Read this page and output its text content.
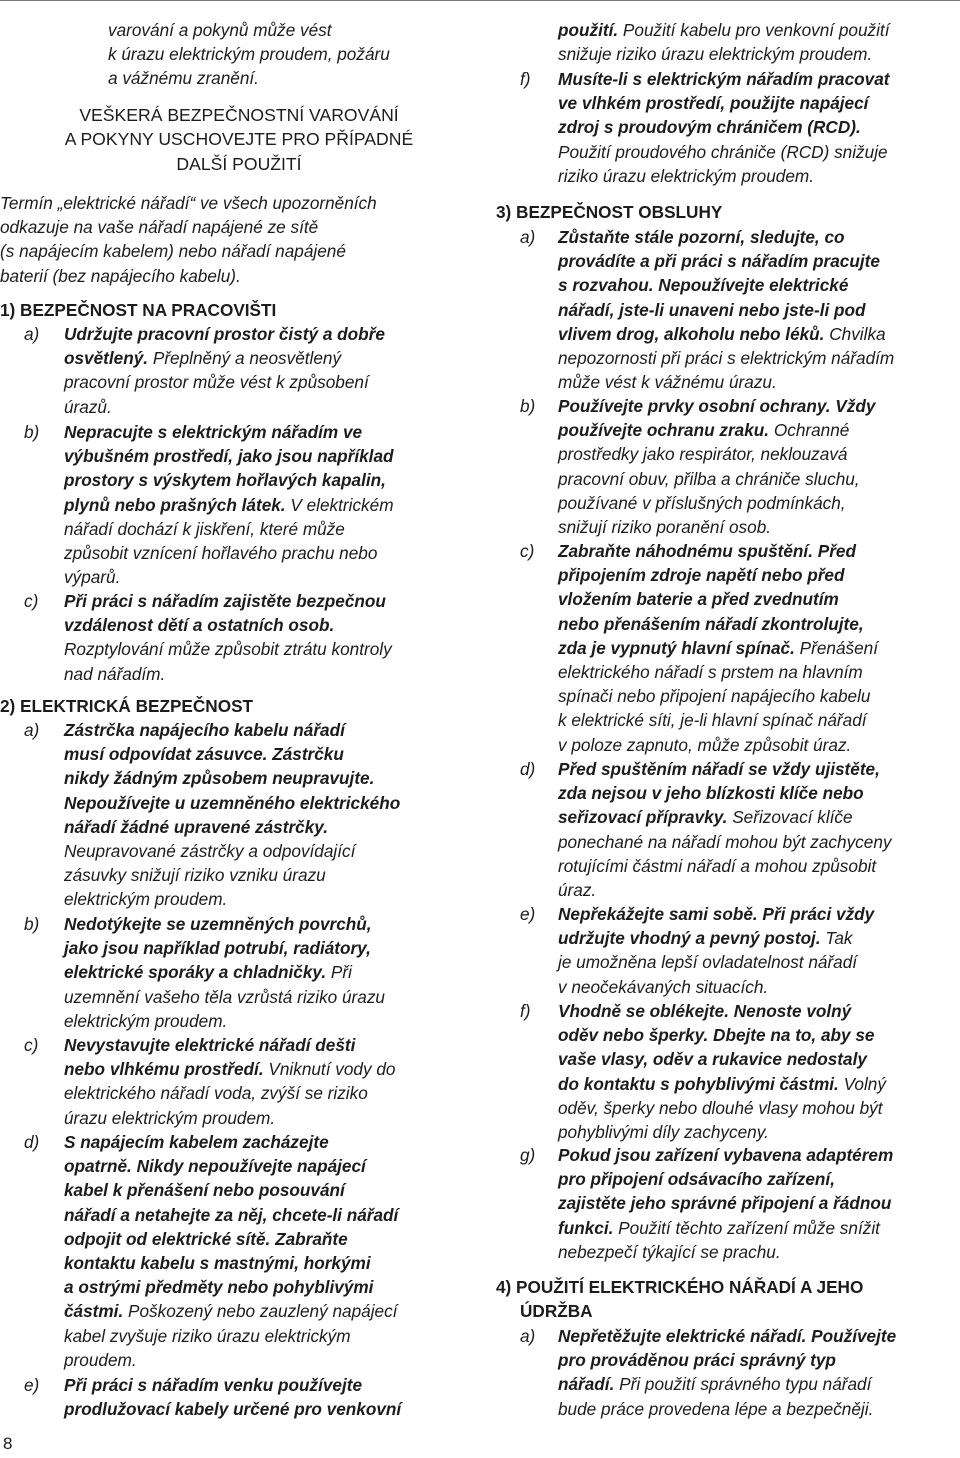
varování a pokynů může vést
k úrazu elektrickým proudem, požáru
a vážnému zranění.
VEŠKERÁ BEZPEČNOSTNÍ VAROVÁNÍ
A POKYNY USCHOVEJTE PRO PŘÍPADNÉ
DALŠÍ POUŽITÍ
Termín „elektrické nářadí“ ve všech upozorněních
odkazuje na vaše nářadí napájené ze sítě
(s napájecím kabelem) nebo nářadí napájené
baterií (bez napájecího kabelu).
1) BEZPEČNOST NA PRACOVIŠTI
a) Udržujte pracovní prostor čistý a dobře
osvětlený. Přeplněný a neosvětlený
pracovní prostor může vést k způsobení
úrazů.
b) Nepracujte s elektrickým nářadím ve
výbušném prostředí, jako jsou například
prostory s výskytem hořlavých kapalin,
plynů nebo prašných látek. V elektrickém
nářadí dochází k jiskření, které může
způsobit vznícení hořlavého prachu nebo
výparů.
c) Při práci s nářadím zajistěte bezpečnou
vzdálenost dětí a ostatních osob.
Rozptylování může způsobit ztrátu kontroly
nad nářadím.
2) ELEKTRICKÁ BEZPEČNOST
a) Zástrčka napájecího kabelu nářadí
musí odpovídat zásuvce. Zástrčku
nikdy žádným způsobem neupravujte.
Nepoužívejte u uzemněného elektrického
nářadí žádné upravené zástrčky.
Neupravované zástrčky a odpovídající
zásuvky snižují riziko vzniku úrazu
elektrickým proudem.
b) Nedotýkejte se uzemněných povrchů,
jako jsou například potrubí, radiátory,
elektrické sporáky a chladničky. Při
uzemnění vašeho těla vzrůstá riziko úrazu
elektrickým proudem.
c) Nevystavujte elektrické nářadí dešti
nebo vlhkému prostředí. Vniknutí vody do
elektrického nářadí voda, zvýší se riziko
úrazu elektrickým proudem.
d) S napájecím kabelem zacházejte
opatrně. Nikdy nepoužívejte napájecí
kabel k přenášení nebo posouvání
nářadí a netahejte za něj, chcete-li nářadí
odpojit od elektrické sítě. Zabraňte
kontaktu kabelu s mastnými, horkými
a ostrými předměty nebo pohyblivými
částmi. Poškozený nebo zauzlený napájecí
kabel zvyšuje riziko úrazu elektrickým
proudem.
e) Při práci s nářadím venku používejte
prodlužovací kabely určené pro venkovní
8
použití. Použití kabelu pro venkovní použití
snižuje riziko úrazu elektrickým proudem.
f) Musíte-li s elektrickým nářadím pracovat
ve vlhkém prostředí, použijte napájecí
zdroj s proudovým chráničem (RCD).
Použití proudového chrániče (RCD) snižuje
riziko úrazu elektrickým proudem.
3) BEZPEČNOST OBSLUHY
a) Zůstaňte stále pozorní, sledujte, co
provádíte a při práci s nářadím pracujte
s rozvahou. Nepoužívejte elektrické
nářadí, jste-li unaveni nebo jste-li pod
vlivem drog, alkoholu nebo léků. Chvilka
nepozornosti při práci s elektrickým nářadím
může vést k vážnému úrazu.
b) Používejte prvky osobní ochrany. Vždy
používejte ochranu zraku. Ochranné
prostředky jako respirátor, neklouzavá
pracovní obuv, přilba a chrániče sluchu,
používané v příslušných podmínkách,
snižují riziko poranění osob.
c) Zabraňte náhodnému spuštění. Před
připojením zdroje napětí nebo před
vložením baterie a před zvednutím
nebo přenášením nářadí zkontrolujte,
zda je vypnutý hlavní spínač. Přenášení
elektrického nářadí s prstem na hlavním
spínači nebo připojení napájecího kabelu
k elektrické síti, je-li hlavní spínač nářadí
v poloze zapnuto, může způsobit úraz.
d) Před spuštěním nářadí se vždy ujistěte,
zda nejsou v jeho blízkosti klíče nebo
seřizovací přípravky. Seřizovací klíče
ponechané na nářadí mohou být zachyceny
rotujícími částmi nářadí a mohou způsobit
úraz.
e) Nepřekážejte sami sobě. Při práci vždy
udržujte vhodný a pevný postoj. Tak
je umožněna lepší ovladatelnost nářadí
v neočekávaných situacích.
f) Vhodně se oblékejte. Nenoste volný
oděv nebo šperky. Dbejte na to, aby se
vaše vlasy, oděv a rukavice nedostaly
do kontaktu s pohyblivými částmi. Volný
oděv, šperky nebo dlouhé vlasy mohou být
pohyblivými díly zachyceny.
g) Pokud jsou zařízení vybavena adaptérem
pro připojení odsávacího zařízení,
zajistěte jeho správné připojení a řádnou
funkci. Použití těchto zařízení může snížit
nebezpečí týkající se prachu.
4) POUŽITÍ ELEKTRICKÉHO NÁŘADÍ A JEHO
ÚDRŽBA
a) Nepřetěžujte elektrické nářadí. Používejte
pro prováděnou práci správný typ
nářadí. Při použití správného typu nářadí
bude práce provedena lépe a bezpečněji.
